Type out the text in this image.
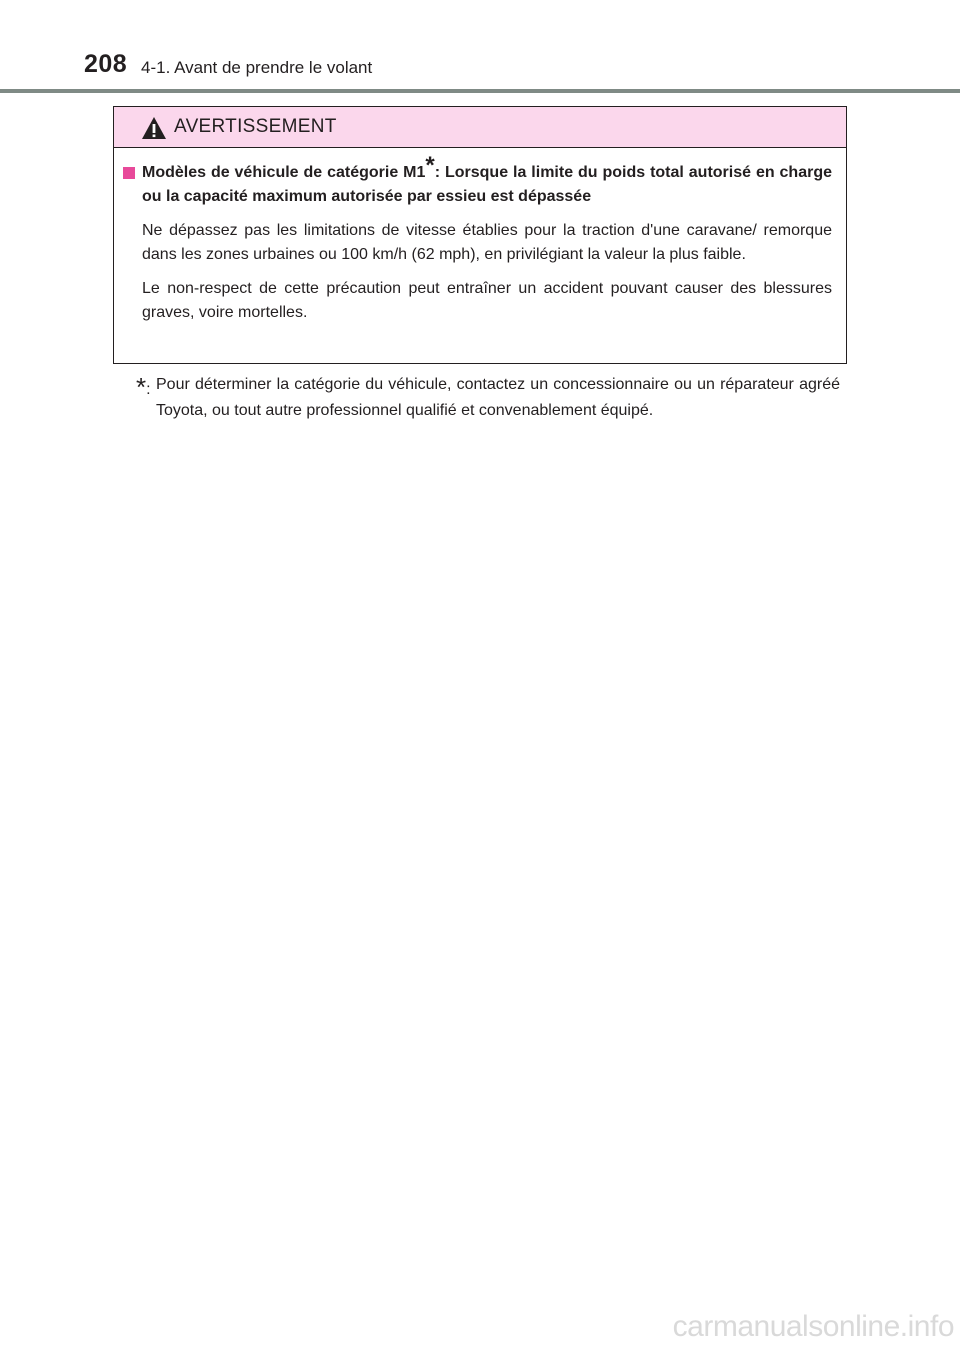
208 4-1. Avant de prendre le volant
AVERTISSEMENT
Modèles de véhicule de catégorie M1*: Lorsque la limite du poids total autorisé en charge ou la capacité maximum autorisée par essieu est dépassée

Ne dépassez pas les limitations de vitesse établies pour la traction d'une caravane/ remorque dans les zones urbaines ou 100 km/h (62 mph), en privilégiant la valeur la plus faible.

Le non-respect de cette précaution peut entraîner un accident pouvant causer des blessures graves, voire mortelles.

*: Pour déterminer la catégorie du véhicule, contactez un concessionnaire ou un réparateur agréé Toyota, ou tout autre professionnel qualifié et convenablement équipé.
carmanualsonline.info
